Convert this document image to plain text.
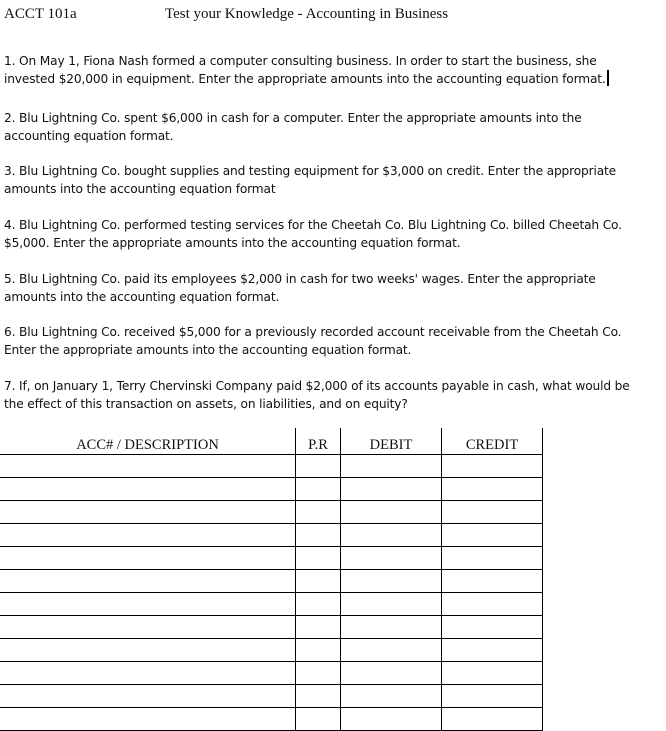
ACCT 101a	Test your Knowledge - Accounting in Business
1. On May 1, Fiona Nash formed a computer consulting business. In order to start the business, she invested $20,000 in equipment. Enter the appropriate amounts into the accounting equation format.
2. Blu Lightning Co. spent $6,000 in cash for a computer. Enter the appropriate amounts into the accounting equation format.
3. Blu Lightning Co. bought supplies and testing equipment for $3,000 on credit. Enter the appropriate amounts into the accounting equation format
4. Blu Lightning Co. performed testing services for the Cheetah Co. Blu Lightning Co. billed Cheetah Co. $5,000. Enter the appropriate amounts into the accounting equation format.
5. Blu Lightning Co. paid its employees $2,000 in cash for two weeks' wages. Enter the appropriate amounts into the accounting equation format.
6. Blu Lightning Co. received $5,000 for a previously recorded account receivable from the Cheetah Co. Enter the appropriate amounts into the accounting equation format.
7. If, on January 1, Terry Chervinski Company paid $2,000 of its accounts payable in cash, what would be the effect of this transaction on assets, on liabilities, and on equity?
ACC# / DESCRIPTION	P.R	DEBIT	CREDIT
